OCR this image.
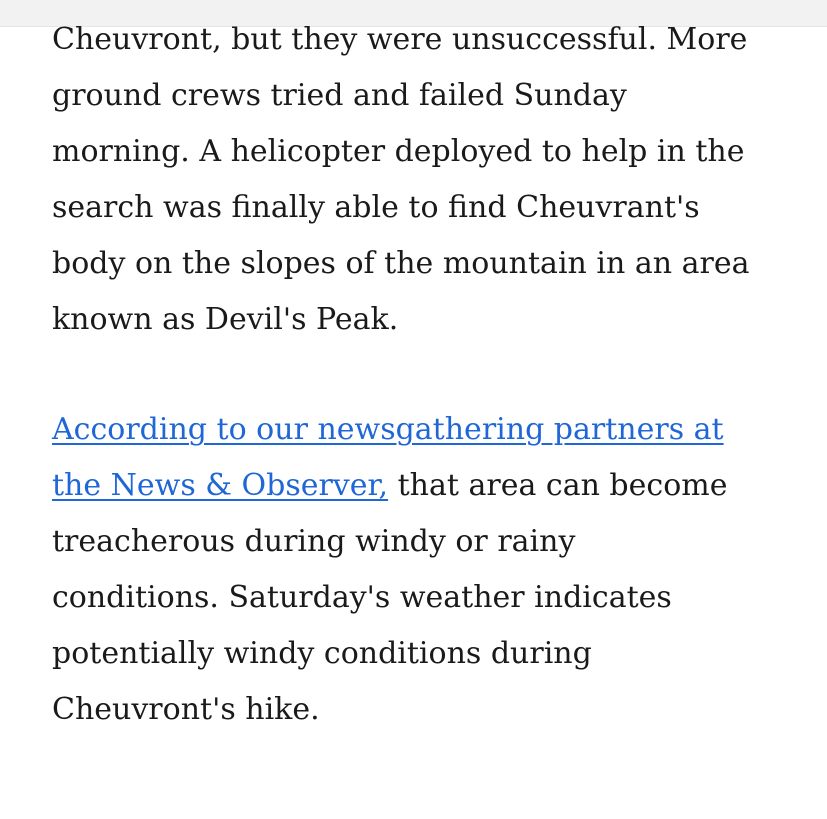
Cheuvront, but they were unsuccessful. More
ground crews tried and failed Sunday
morning. A helicopter deployed to help in the
search was finally able to find Cheuvrant's
body on the slopes of the mountain in an area
known as Devil's Peak.

According to our newsgathering partners at
the News & Observer, that area can become
treacherous during windy or rainy
conditions. Saturday's weather indicates
potentially windy conditions during
Cheuvront's hike.
